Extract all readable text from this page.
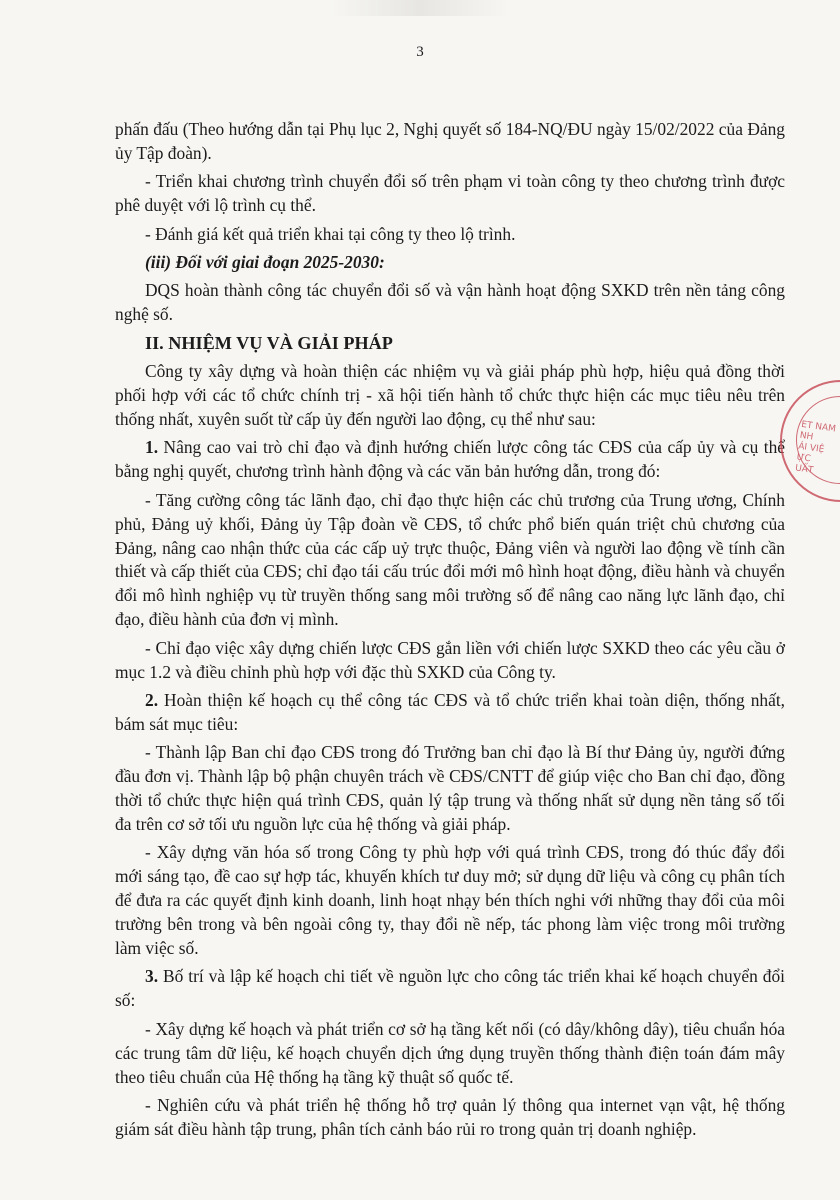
3

phấn đấu (Theo hướng dẫn tại Phụ lục 2, Nghị quyết số 184-NQ/ĐU ngày 15/02/2022 của Đảng ủy Tập đoàn).

- Triển khai chương trình chuyển đổi số trên phạm vi toàn công ty theo chương trình được phê duyệt với lộ trình cụ thể.

- Đánh giá kết quả triển khai tại công ty theo lộ trình.

(iii) Đối với giai đoạn 2025-2030:

DQS hoàn thành công tác chuyển đổi số và vận hành hoạt động SXKD trên nền tảng công nghệ số.

II. NHIỆM VỤ VÀ GIẢI PHÁP

Công ty xây dựng và hoàn thiện các nhiệm vụ và giải pháp phù hợp, hiệu quả đồng thời phối hợp với các tổ chức chính trị - xã hội tiến hành tổ chức thực hiện các mục tiêu nêu trên thống nhất, xuyên suốt từ cấp ủy đến người lao động, cụ thể như sau:

1. Nâng cao vai trò chỉ đạo và định hướng chiến lược công tác CĐS của cấp ủy và cụ thể bằng nghị quyết, chương trình hành động và các văn bản hướng dẫn, trong đó:

- Tăng cường công tác lãnh đạo, chỉ đạo thực hiện các chủ trương của Trung ương, Chính phủ, Đảng uỷ khối, Đảng ủy Tập đoàn về CĐS, tổ chức phổ biến quán triệt chủ chương của Đảng, nâng cao nhận thức của các cấp uỷ trực thuộc, Đảng viên và người lao động về tính cần thiết và cấp thiết của CĐS; chỉ đạo tái cấu trúc đổi mới mô hình hoạt động, điều hành và chuyển đổi mô hình nghiệp vụ từ truyền thống sang môi trường số để nâng cao năng lực lãnh đạo, chỉ đạo, điều hành của đơn vị mình.

- Chỉ đạo việc xây dựng chiến lược CĐS gắn liền với chiến lược SXKD theo các yêu cầu ở mục 1.2 và điều chỉnh phù hợp với đặc thù SXKD của Công ty.

2. Hoàn thiện kế hoạch cụ thể công tác CĐS và tổ chức triển khai toàn diện, thống nhất, bám sát mục tiêu:

- Thành lập Ban chỉ đạo CĐS trong đó Trưởng ban chỉ đạo là Bí thư Đảng ủy, người đứng đầu đơn vị. Thành lập bộ phận chuyên trách về CĐS/CNTT để giúp việc cho Ban chỉ đạo, đồng thời tổ chức thực hiện quá trình CĐS, quản lý tập trung và thống nhất sử dụng nền tảng số tối đa trên cơ sở tối ưu nguồn lực của hệ thống và giải pháp.

- Xây dựng văn hóa số trong Công ty phù hợp với quá trình CĐS, trong đó thúc đẩy đổi mới sáng tạo, đề cao sự hợp tác, khuyến khích tư duy mở; sử dụng dữ liệu và công cụ phân tích để đưa ra các quyết định kinh doanh, linh hoạt nhạy bén thích nghi với những thay đổi của môi trường bên trong và bên ngoài công ty, thay đổi nề nếp, tác phong làm việc trong môi trường làm việc số.

3. Bố trí và lập kế hoạch chi tiết về nguồn lực cho công tác triển khai kế hoạch chuyển đổi số:

- Xây dựng kế hoạch và phát triển cơ sở hạ tầng kết nối (có dây/không dây), tiêu chuẩn hóa các trung tâm dữ liệu, kế hoạch chuyển dịch ứng dụng truyền thống thành điện toán đám mây theo tiêu chuẩn của Hệ thống hạ tầng kỹ thuật số quốc tế.

- Nghiên cứu và phát triển hệ thống hỗ trợ quản lý thông qua internet vạn vật, hệ thống giám sát điều hành tập trung, phân tích cảnh báo rủi ro trong quản trị doanh nghiệp.

ET NAM
NH
ÁI VIỆ
ỰC
UẤT
